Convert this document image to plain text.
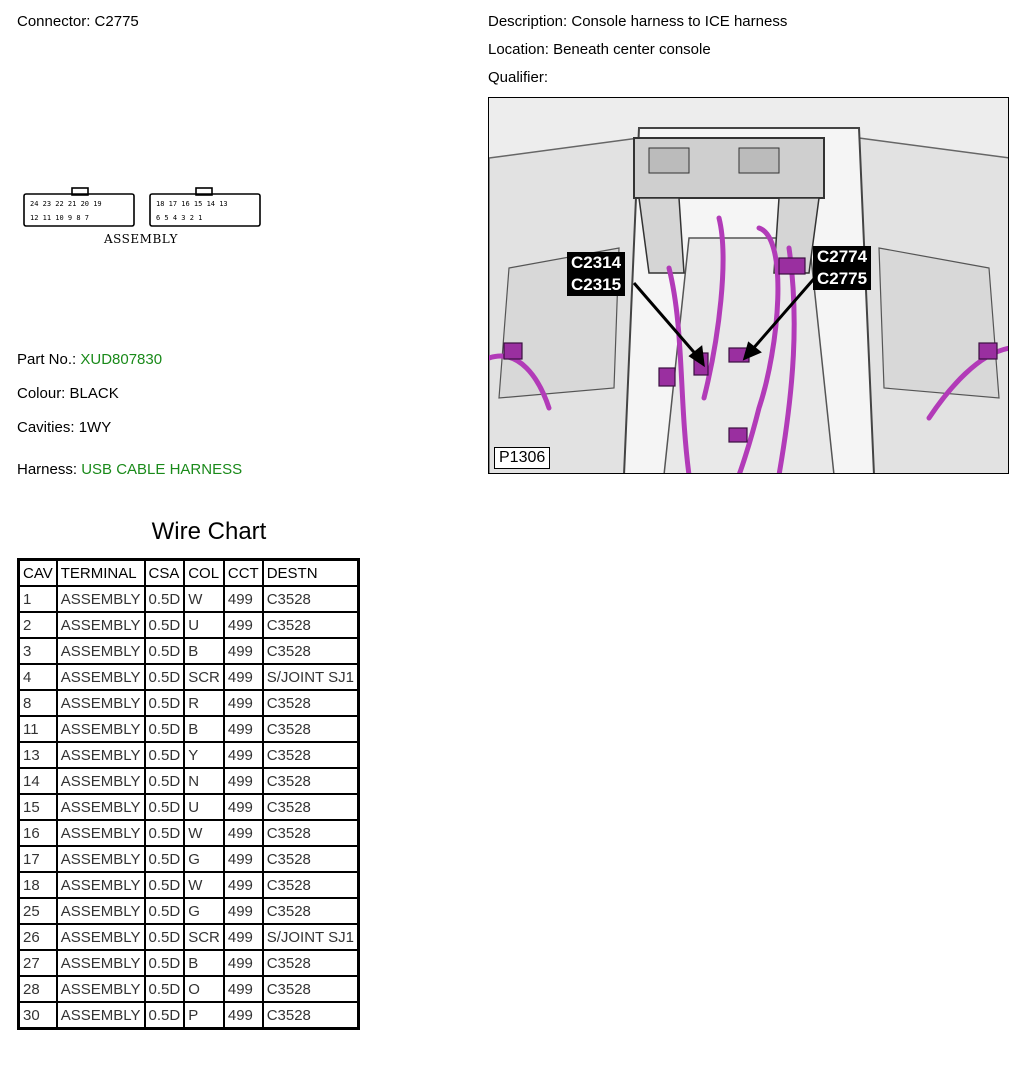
Connector: C2775	Description: Console harness to ICE harness
Location: Beneath center console
Qualifier:
24 23 22 21 20 19
12 11 10 9 8 7
18 17 16 15 14 13
6 5 4 3 2 1
ASSEMBLY
Part No.: XUD807830
Colour: BLACK
Cavities: 1WY
Harness: USB CABLE HARNESS
C2314
C2315
C2774
C2775
P1306
Wire Chart
CAV	TERMINAL	CSA	COL	CCT	DESTN
1	ASSEMBLY	0.5D	W	499	C3528
2	ASSEMBLY	0.5D	U	499	C3528
3	ASSEMBLY	0.5D	B	499	C3528
4	ASSEMBLY	0.5D	SCR	499	S/JOINT SJ1
8	ASSEMBLY	0.5D	R	499	C3528
11	ASSEMBLY	0.5D	B	499	C3528
13	ASSEMBLY	0.5D	Y	499	C3528
14	ASSEMBLY	0.5D	N	499	C3528
15	ASSEMBLY	0.5D	U	499	C3528
16	ASSEMBLY	0.5D	W	499	C3528
17	ASSEMBLY	0.5D	G	499	C3528
18	ASSEMBLY	0.5D	W	499	C3528
25	ASSEMBLY	0.5D	G	499	C3528
26	ASSEMBLY	0.5D	SCR	499	S/JOINT SJ1
27	ASSEMBLY	0.5D	B	499	C3528
28	ASSEMBLY	0.5D	O	499	C3528
30	ASSEMBLY	0.5D	P	499	C3528
